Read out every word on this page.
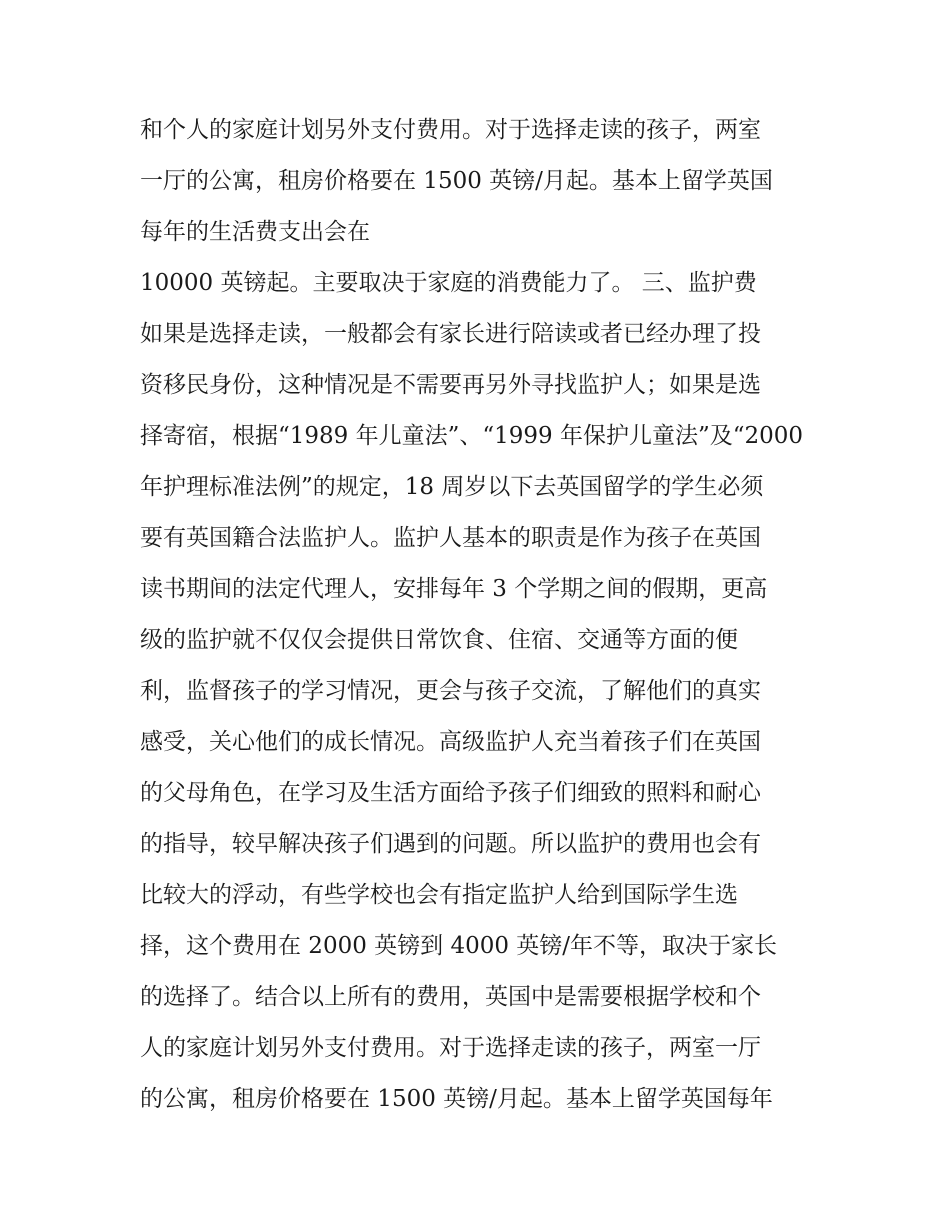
和个人的家庭计划另外支付费用。对于选择走读的孩子，两室
一厅的公寓，租房价格要在 1500 英镑/月起。基本上留学英国
每年的生活费支出会在
10000 英镑起。主要取决于家庭的消费能力了。 三、监护费
如果是选择走读，一般都会有家长进行陪读或者已经办理了投
资移民身份，这种情况是不需要再另外寻找监护人；如果是选
择寄宿，根据“1989 年儿童法”、“1999 年保护儿童法”及“2000
年护理标准法例”的规定，18 周岁以下去英国留学的学生必须
要有英国籍合法监护人。监护人基本的职责是作为孩子在英国
读书期间的法定代理人，安排每年 3 个学期之间的假期，更高
级的监护就不仅仅会提供日常饮食、住宿、交通等方面的便
利，监督孩子的学习情况，更会与孩子交流，了解他们的真实
感受，关心他们的成长情况。高级监护人充当着孩子们在英国
的父母角色，在学习及生活方面给予孩子们细致的照料和耐心
的指导，较早解决孩子们遇到的问题。所以监护的费用也会有
比较大的浮动，有些学校也会有指定监护人给到国际学生选
择，这个费用在 2000 英镑到 4000 英镑/年不等，取决于家长
的选择了。结合以上所有的费用，英国中是需要根据学校和个
人的家庭计划另外支付费用。对于选择走读的孩子，两室一厅
的公寓，租房价格要在 1500 英镑/月起。基本上留学英国每年
